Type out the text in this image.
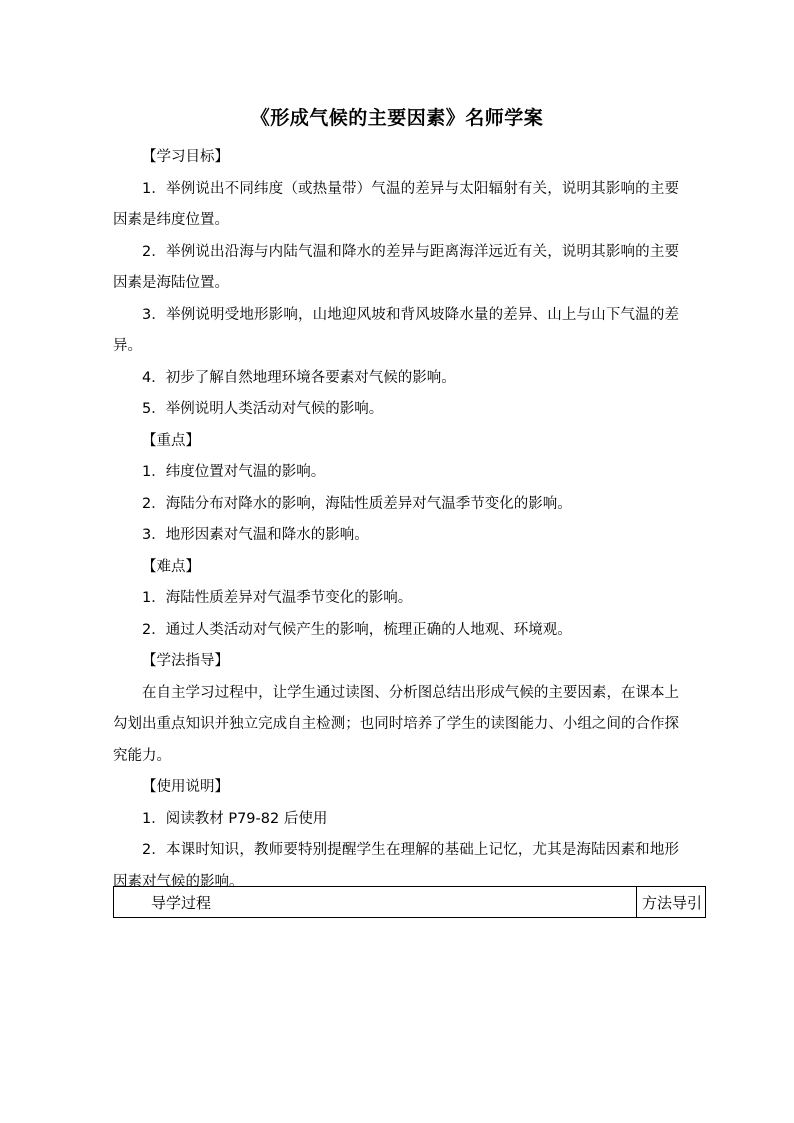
《形成气候的主要因素》名师学案

【学习目标】

1．举例说出不同纬度（或热量带）气温的差异与太阳辐射有关，说明其影响的主要因素是纬度位置。

2．举例说出沿海与内陆气温和降水的差异与距离海洋远近有关，说明其影响的主要因素是海陆位置。

3．举例说明受地形影响，山地迎风坡和背风坡降水量的差异、山上与山下气温的差异。

4．初步了解自然地理环境各要素对气候的影响。

5．举例说明人类活动对气候的影响。

【重点】

1．纬度位置对气温的影响。

2．海陆分布对降水的影响，海陆性质差异对气温季节变化的影响。

3．地形因素对气温和降水的影响。

【难点】

1．海陆性质差异对气温季节变化的影响。

2．通过人类活动对气候产生的影响，梳理正确的人地观、环境观。

【学法指导】

在自主学习过程中，让学生通过读图、分析图总结出形成气候的主要因素，在课本上勾划出重点知识并独立完成自主检测；也同时培养了学生的读图能力、小组之间的合作探究能力。

【使用说明】

1．阅读教材 P79-82 后使用

2．本课时知识，教师要特别提醒学生在理解的基础上记忆，尤其是海陆因素和地形因素对气候的影响。

导学过程	方法导引
